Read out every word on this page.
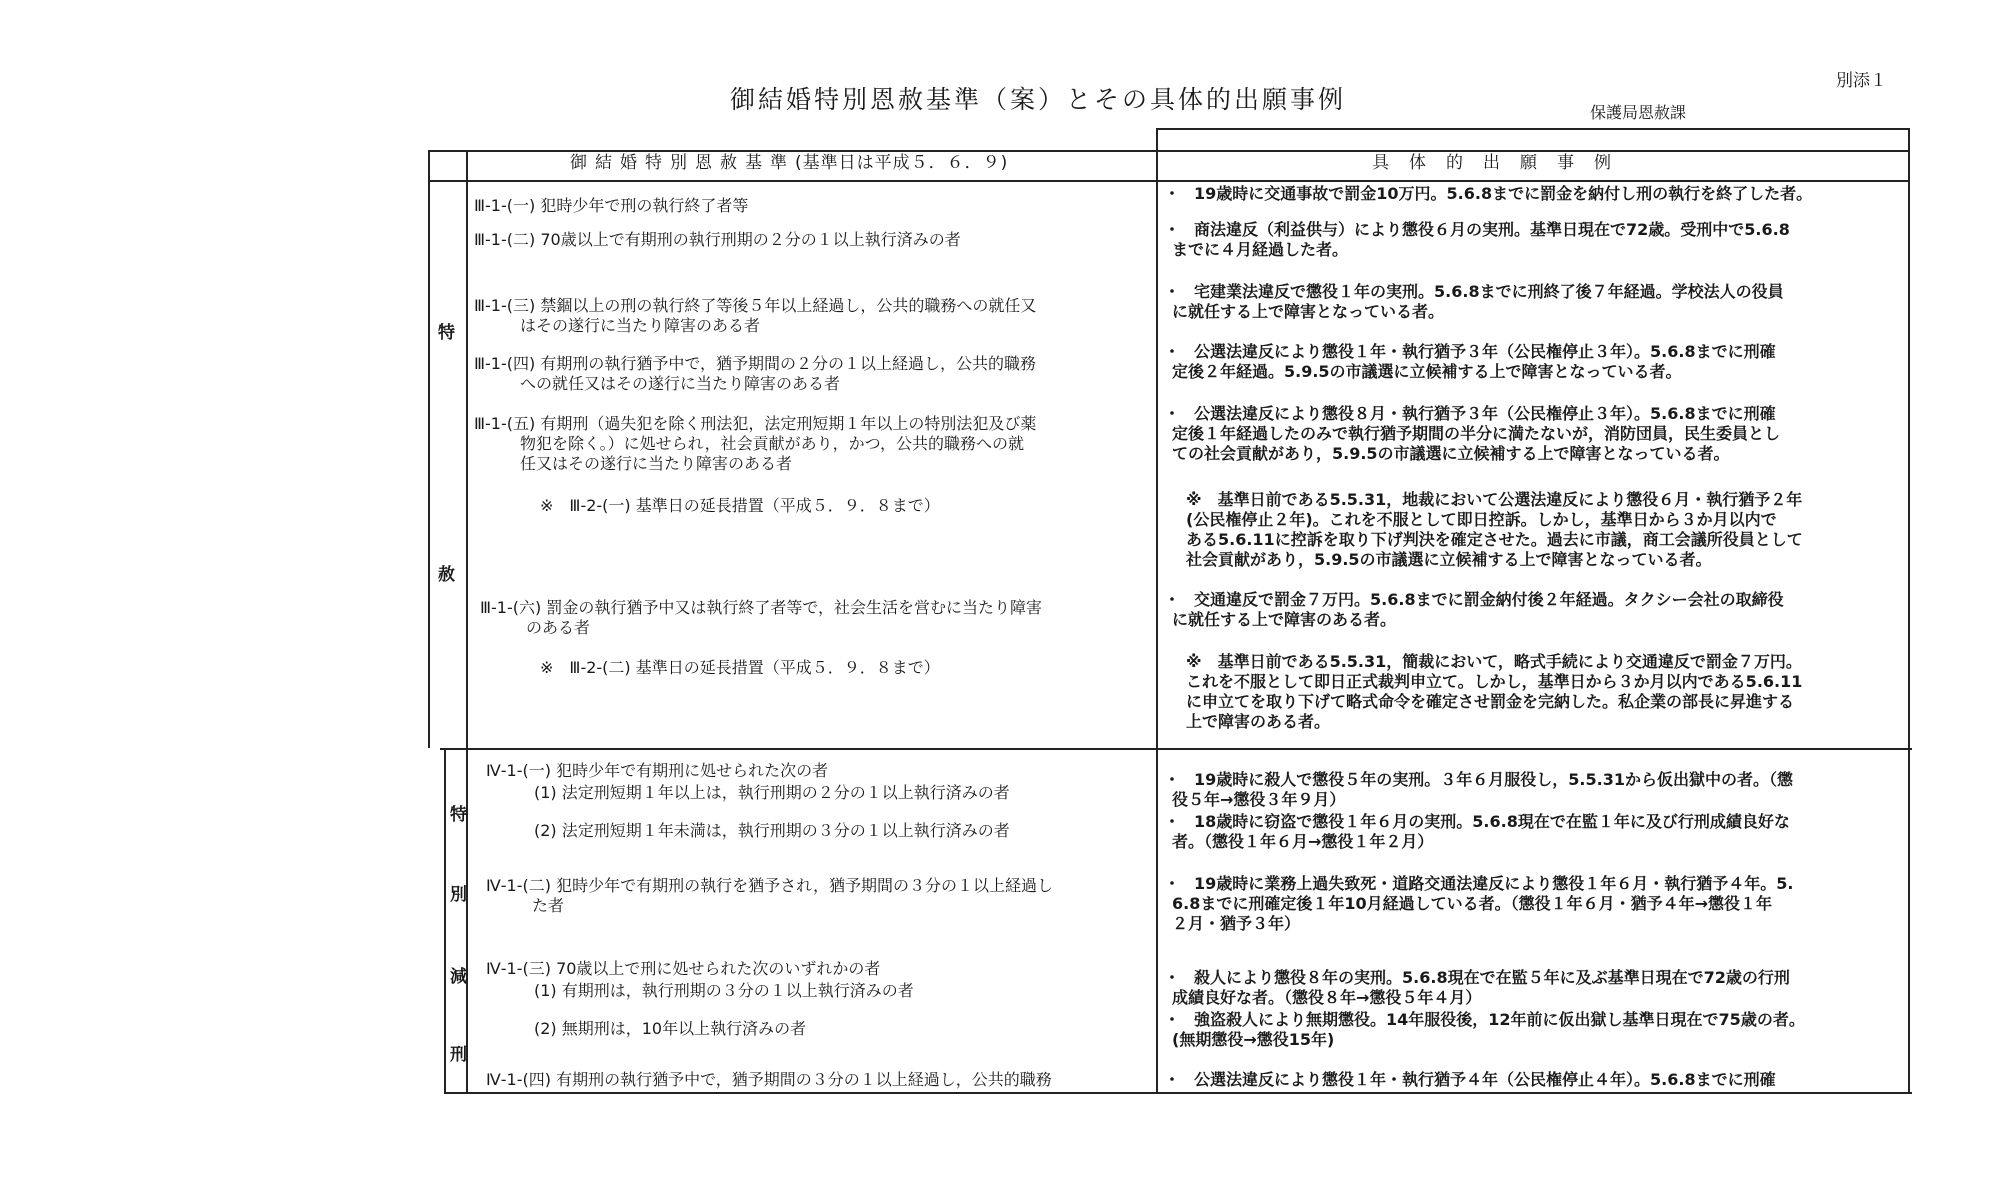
別添１
御結婚特別恩赦基準（案）とその具体的出願事例	保護局恩赦課
御結婚特別恩赦基準(基準日は平成５．６．９)	具体的出願事例
特
赦
特
別
減
刑
Ⅲ-1-(一) 犯時少年で刑の執行終了者等
Ⅲ-1-(二) 70歳以上で有期刑の執行刑期の２分の１以上執行済みの者
Ⅲ-1-(三) 禁錮以上の刑の執行終了等後５年以上経過し，公共的職務への就任又
はその遂行に当たり障害のある者
Ⅲ-1-(四) 有期刑の執行猶予中で，猶予期間の２分の１以上経過し，公共的職務
への就任又はその遂行に当たり障害のある者
Ⅲ-1-(五) 有期刑（過失犯を除く刑法犯，法定刑短期１年以上の特別法犯及び薬
物犯を除く。）に処せられ，社会貢献があり，かつ，公共的職務への就
任又はその遂行に当たり障害のある者
※　Ⅲ-2-(一) 基準日の延長措置（平成５．９．８まで）
Ⅲ-1-(六) 罰金の執行猶予中又は執行終了者等で，社会生活を営むに当たり障害
のある者
※　Ⅲ-2-(二) 基準日の延長措置（平成５．９．８まで）
Ⅳ-1-(一) 犯時少年で有期刑に処せられた次の者
(1) 法定刑短期１年以上は，執行刑期の２分の１以上執行済みの者
(2) 法定刑短期１年未満は，執行刑期の３分の１以上執行済みの者
Ⅳ-1-(二) 犯時少年で有期刑の執行を猶予され，猶予期間の３分の１以上経過し
た者
Ⅳ-1-(三) 70歳以上で刑に処せられた次のいずれかの者
(1) 有期刑は，執行刑期の３分の１以上執行済みの者
(2) 無期刑は，10年以上執行済みの者
Ⅳ-1-(四) 有期刑の執行猶予中で，猶予期間の３分の１以上経過し，公共的職務
・ 19歳時に交通事故で罰金10万円。5.6.8までに罰金を納付し刑の執行を終了した者。
・ 商法違反（利益供与）により懲役６月の実刑。基準日現在で72歳。受刑中で5.6.8
までに４月経過した者。
・ 宅建業法違反で懲役１年の実刑。5.6.8までに刑終了後７年経過。学校法人の役員
に就任する上で障害となっている者。
・ 公選法違反により懲役１年・執行猶予３年（公民権停止３年）。5.6.8までに刑確
定後２年経過。5.9.5の市議選に立候補する上で障害となっている者。
・ 公選法違反により懲役８月・執行猶予３年（公民権停止３年）。5.6.8までに刑確
定後１年経過したのみで執行猶予期間の半分に満たないが，消防団員，民生委員とし
ての社会貢献があり，5.9.5の市議選に立候補する上で障害となっている者。
※ 基準日前である5.5.31，地裁において公選法違反により懲役６月・執行猶予２年
(公民権停止２年)。これを不服として即日控訴。しかし，基準日から３か月以内で
ある5.6.11に控訴を取り下げ判決を確定させた。過去に市議，商工会議所役員として
社会貢献があり，5.9.5の市議選に立候補する上で障害となっている者。
・ 交通違反で罰金７万円。5.6.8までに罰金納付後２年経過。タクシー会社の取締役
に就任する上で障害のある者。
※ 基準日前である5.5.31，簡裁において，略式手続により交通違反で罰金７万円。
これを不服として即日正式裁判申立て。しかし，基準日から３か月以内である5.6.11
に申立てを取り下げて略式命令を確定させ罰金を完納した。私企業の部長に昇進する
上で障害のある者。
・ 19歳時に殺人で懲役５年の実刑。３年６月服役し，5.5.31から仮出獄中の者。（懲
役５年→懲役３年９月）
・ 18歳時に窃盗で懲役１年６月の実刑。5.6.8現在で在監１年に及び行刑成績良好な
者。（懲役１年６月→懲役１年２月）
・ 19歳時に業務上過失致死・道路交通法違反により懲役１年６月・執行猶予４年。5.
6.8までに刑確定後１年10月経過している者。（懲役１年６月・猶予４年→懲役１年
２月・猶予３年）
・ 殺人により懲役８年の実刑。5.6.8現在で在監５年に及ぶ基準日現在で72歳の行刑
成績良好な者。（懲役８年→懲役５年４月）
・ 強盗殺人により無期懲役。14年服役後，12年前に仮出獄し基準日現在で75歳の者。
(無期懲役→懲役15年)
・ 公選法違反により懲役１年・執行猶予４年（公民権停止４年）。5.6.8までに刑確
